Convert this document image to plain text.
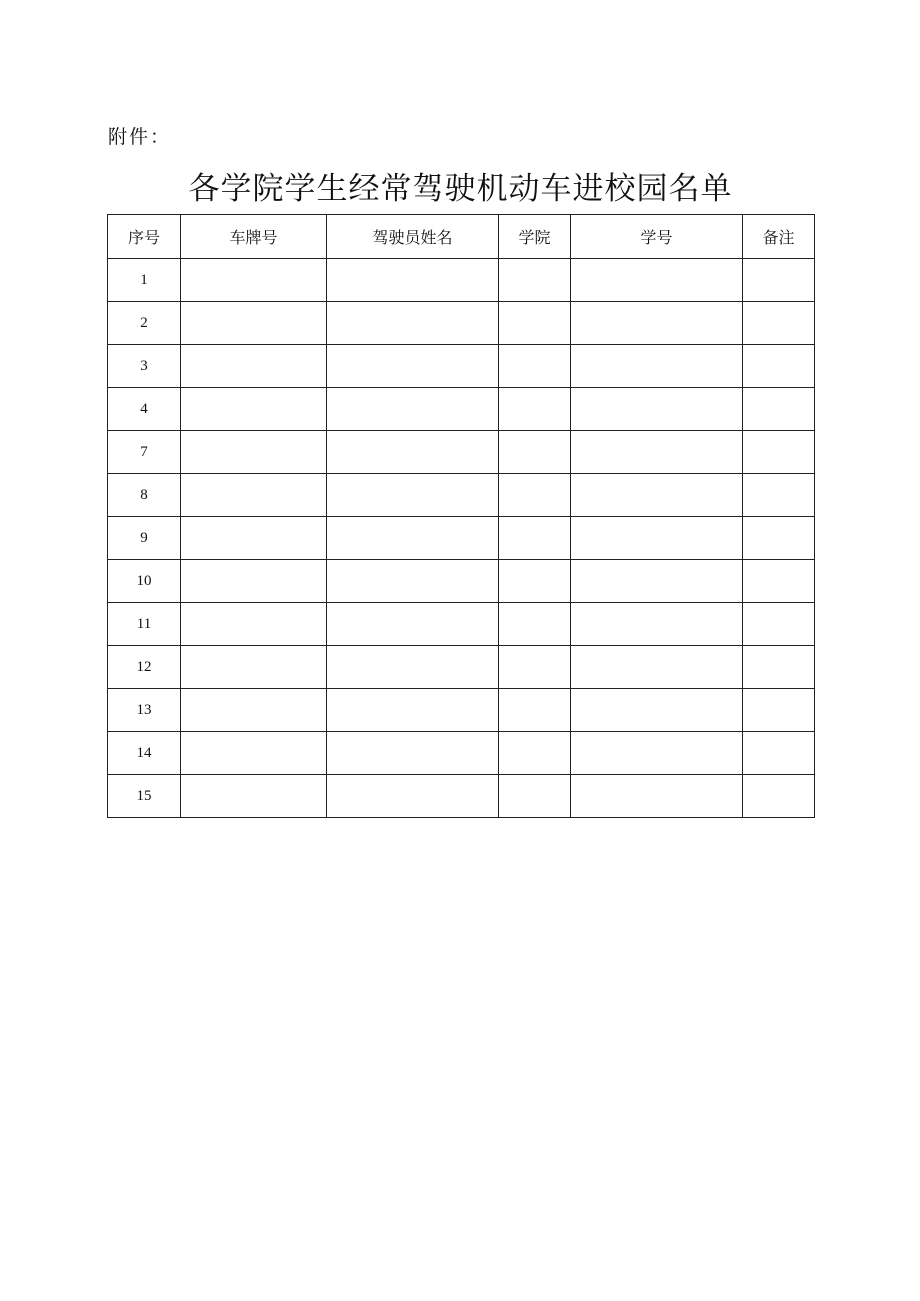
附件：
各学院学生经常驾驶机动车进校园名单
序号	车牌号	驾驶员姓名	学院	学号	备注
1					
2					
3					
4					
7					
8					
9					
10					
11					
12					
13					
14					
15					
